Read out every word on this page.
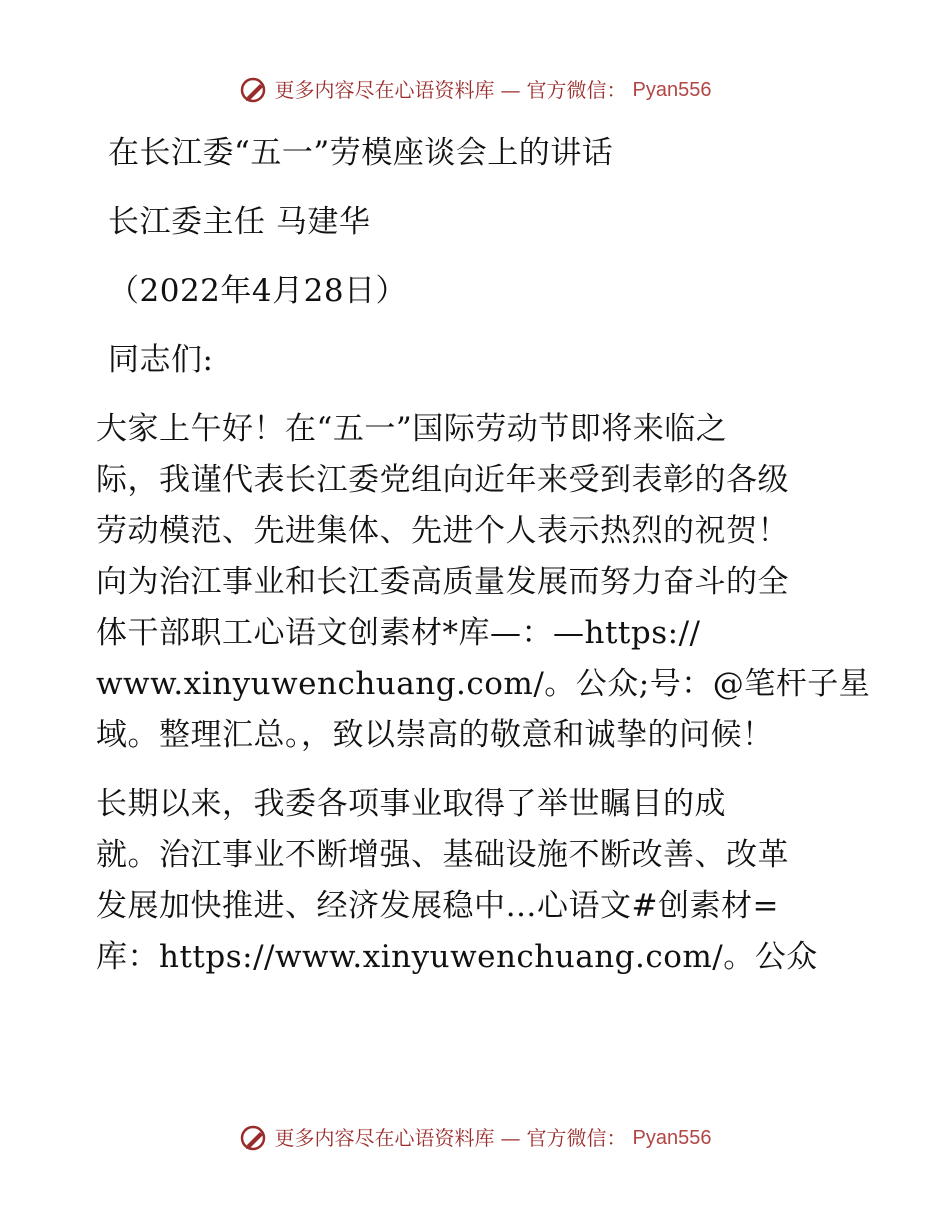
更多内容尽在心语资料库 — 官方微信： Pyan556
在长江委“五一”劳模座谈会上的讲话
长江委主任 马建华
（2022年4月28日）
同志们:
大家上午好！在“五一”国际劳动节即将来临之
际，我谨代表长江委党组向近年来受到表彰的各级
劳动模范、先进集体、先进个人表示热烈的祝贺！
向为治江事业和长江委高质量发展而努力奋斗的全
体干部职工心语文创素材*库—：—https://
www.xinyuwenchuang.com/。公众;号：@笔杆子星
域。整理汇总。，致以崇高的敬意和诚挚的问候！
长期以来，我委各项事业取得了举世瞩目的成
就。治江事业不断增强、基础设施不断改善、改革
发展加快推进、经济发展稳中…心语文#创素材=
库：https://www.xinyuwenchuang.com/。公众
更多内容尽在心语资料库 — 官方微信： Pyan556
